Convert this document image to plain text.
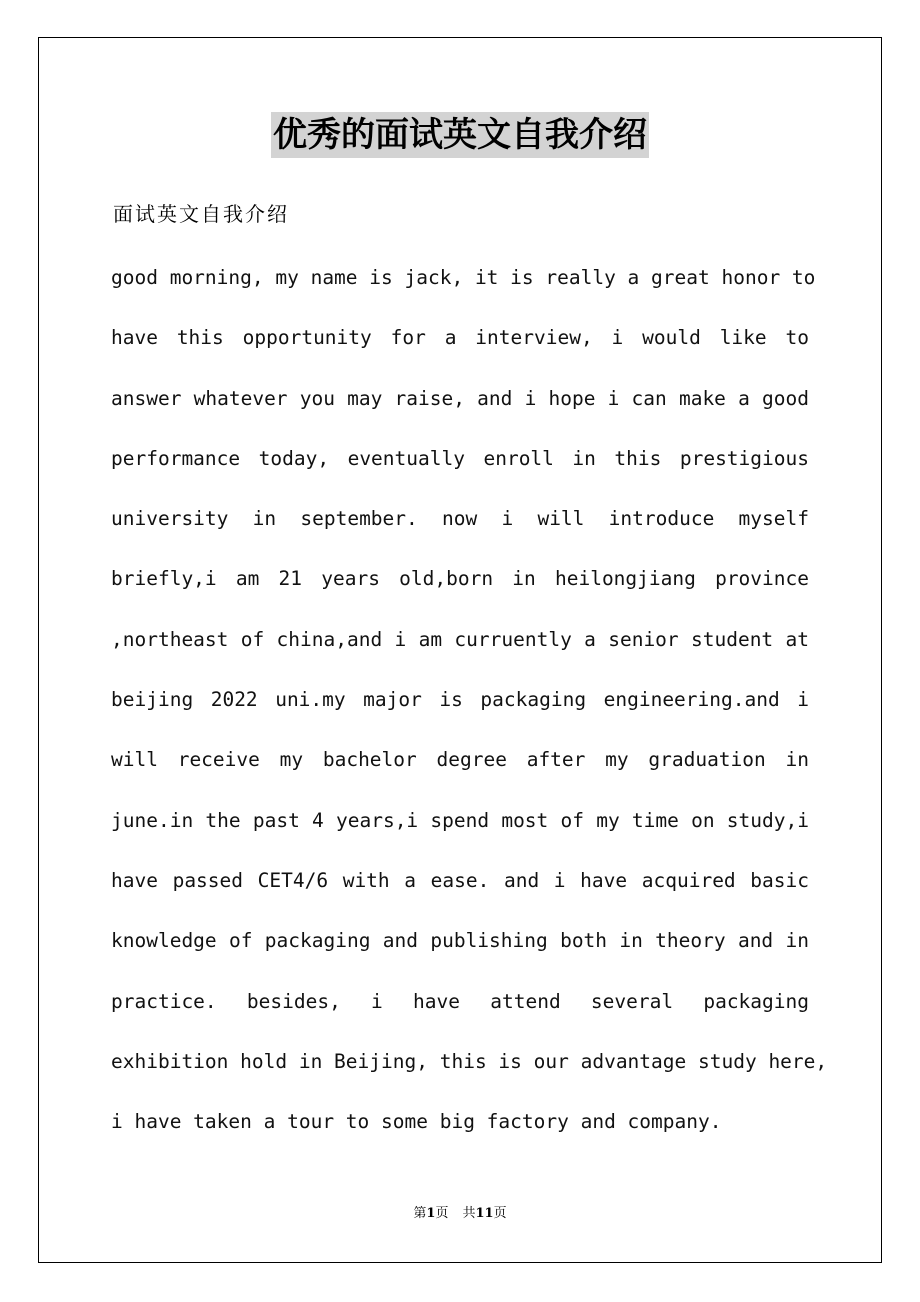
优秀的面试英文自我介绍
面试英文自我介绍
good morning, my name is jack, it is really a great honor to
have this opportunity for a interview, i would like to
answer whatever you may raise, and i hope i can make a good
performance today, eventually enroll in this prestigious
university in september. now i will introduce myself
briefly,i am 21 years old,born in heilongjiang province
,northeast of china,and i am curruently a senior student at
beijing 2022 uni.my major is packaging engineering.and i
will receive my bachelor degree after my graduation in
june.in the past 4 years,i spend most of my time on study,i
have passed CET4/6 with a ease. and i have acquired basic
knowledge of packaging and publishing both in theory and in
practice. besides, i have attend several packaging
exhibition hold in Beijing, this is our advantage study here,
i have taken a tour to some big factory and company.
第1页 共11页
